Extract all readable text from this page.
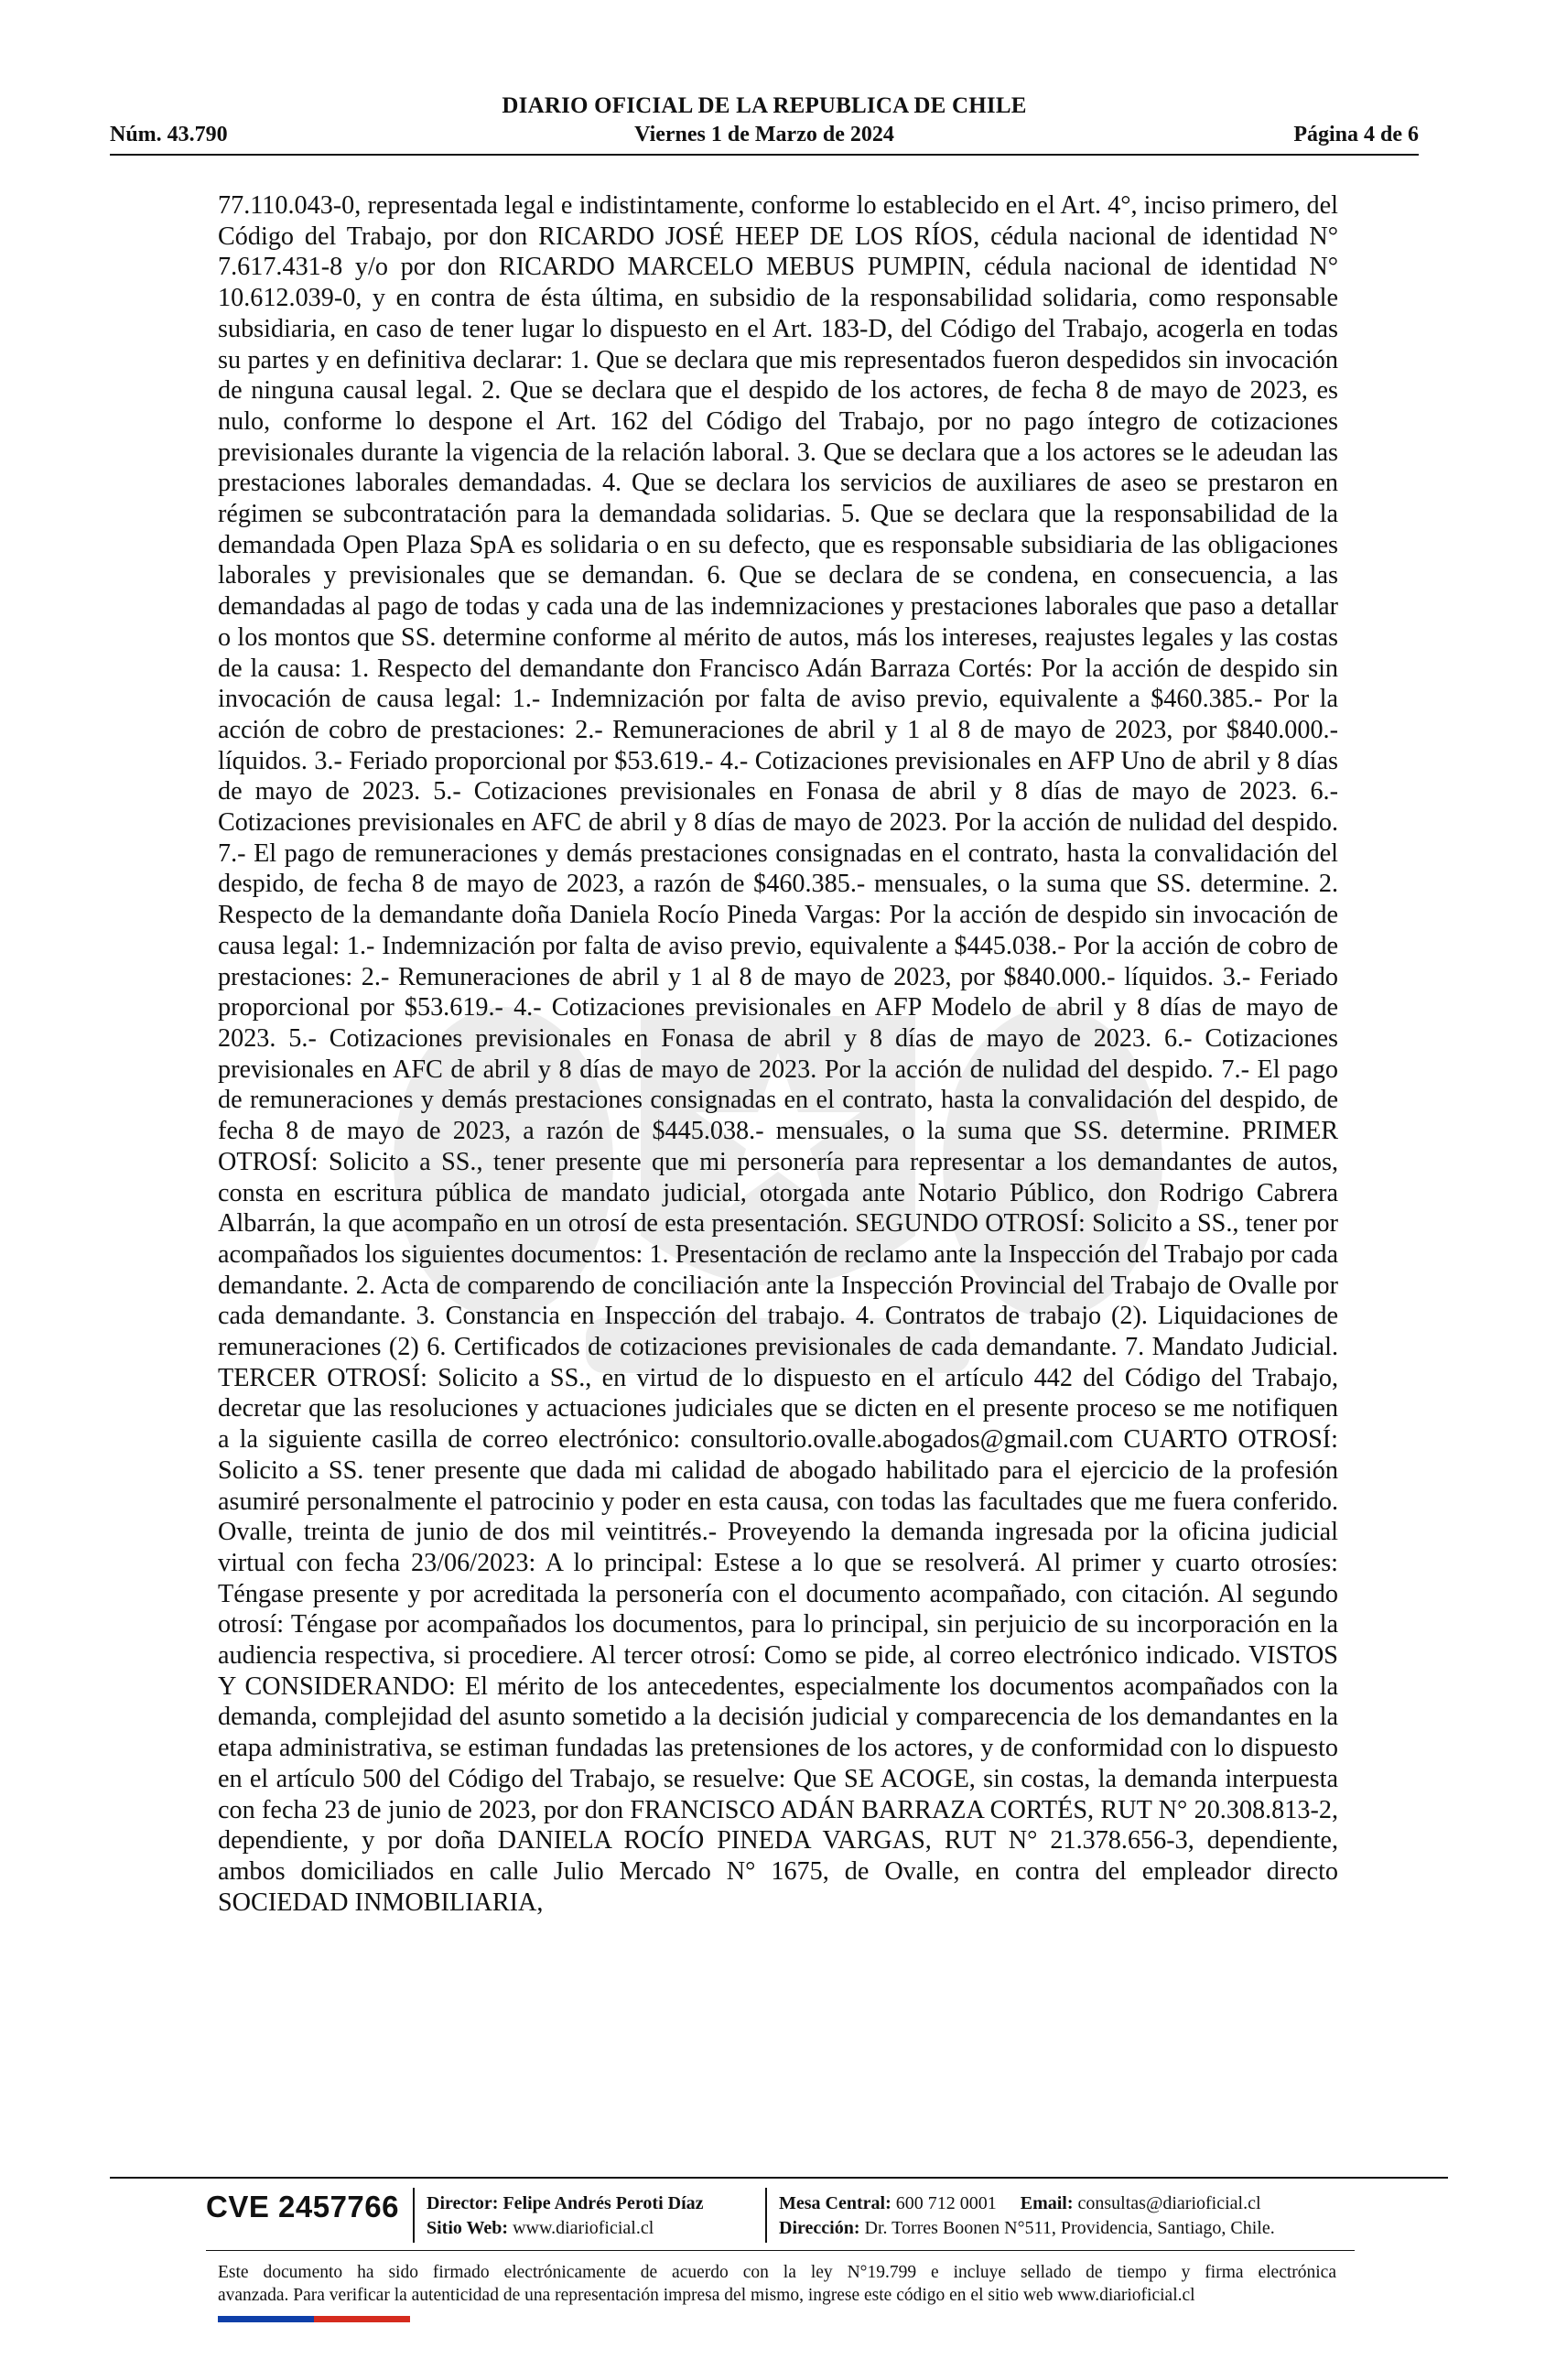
DIARIO OFICIAL DE LA REPUBLICA DE CHILE
Núm. 43.790	Viernes 1 de Marzo de 2024	Página 4 de 6

77.110.043-0, representada legal e indistintamente, conforme lo establecido en el Art. 4°, inciso primero, del Código del Trabajo, por don RICARDO JOSÉ HEEP DE LOS RÍOS, cédula nacional de identidad N° 7.617.431-8 y/o por don RICARDO MARCELO MEBUS PUMPIN, cédula nacional de identidad N° 10.612.039-0, y en contra de ésta última, en subsidio de la responsabilidad solidaria, como responsable subsidiaria, en caso de tener lugar lo dispuesto en el Art. 183-D, del Código del Trabajo, acogerla en todas su partes y en definitiva declarar: 1. Que se declara que mis representados fueron despedidos sin invocación de ninguna causal legal. 2. Que se declara que el despido de los actores, de fecha 8 de mayo de 2023, es nulo, conforme lo despone el Art. 162 del Código del Trabajo, por no pago íntegro de cotizaciones previsionales durante la vigencia de la relación laboral. 3. Que se declara que a los actores se le adeudan las prestaciones laborales demandadas. 4. Que se declara los servicios de auxiliares de aseo se prestaron en régimen se subcontratación para la demandada solidarias. 5. Que se declara que la responsabilidad de la demandada Open Plaza SpA es solidaria o en su defecto, que es responsable subsidiaria de las obligaciones laborales y previsionales que se demandan. 6. Que se declara de se condena, en consecuencia, a las demandadas al pago de todas y cada una de las indemnizaciones y prestaciones laborales que paso a detallar o los montos que SS. determine conforme al mérito de autos, más los intereses, reajustes legales y las costas de la causa: 1. Respecto del demandante don Francisco Adán Barraza Cortés: Por la acción de despido sin invocación de causa legal: 1.- Indemnización por falta de aviso previo, equivalente a $460.385.- Por la acción de cobro de prestaciones: 2.- Remuneraciones de abril y 1 al 8 de mayo de 2023, por $840.000.- líquidos. 3.- Feriado proporcional por $53.619.- 4.- Cotizaciones previsionales en AFP Uno de abril y 8 días de mayo de 2023. 5.- Cotizaciones previsionales en Fonasa de abril y 8 días de mayo de 2023. 6.- Cotizaciones previsionales en AFC de abril y 8 días de mayo de 2023. Por la acción de nulidad del despido. 7.- El pago de remuneraciones y demás prestaciones consignadas en el contrato, hasta la convalidación del despido, de fecha 8 de mayo de 2023, a razón de $460.385.- mensuales, o la suma que SS. determine. 2. Respecto de la demandante doña Daniela Rocío Pineda Vargas: Por la acción de despido sin invocación de causa legal: 1.- Indemnización por falta de aviso previo, equivalente a $445.038.- Por la acción de cobro de prestaciones: 2.- Remuneraciones de abril y 1 al 8 de mayo de 2023, por $840.000.- líquidos. 3.- Feriado proporcional por $53.619.- 4.- Cotizaciones previsionales en AFP Modelo de abril y 8 días de mayo de 2023. 5.- Cotizaciones previsionales en Fonasa de abril y 8 días de mayo de 2023. 6.- Cotizaciones previsionales en AFC de abril y 8 días de mayo de 2023. Por la acción de nulidad del despido. 7.- El pago de remuneraciones y demás prestaciones consignadas en el contrato, hasta la convalidación del despido, de fecha 8 de mayo de 2023, a razón de $445.038.- mensuales, o la suma que SS. determine. PRIMER OTROSÍ: Solicito a SS., tener presente que mi personería para representar a los demandantes de autos, consta en escritura pública de mandato judicial, otorgada ante Notario Público, don Rodrigo Cabrera Albarrán, la que acompaño en un otrosí de esta presentación. SEGUNDO OTROSÍ: Solicito a SS., tener por acompañados los siguientes documentos: 1. Presentación de reclamo ante la Inspección del Trabajo por cada demandante. 2. Acta de comparendo de conciliación ante la Inspección Provincial del Trabajo de Ovalle por cada demandante. 3. Constancia en Inspección del trabajo. 4. Contratos de trabajo (2). Liquidaciones de remuneraciones (2) 6. Certificados de cotizaciones previsionales de cada demandante. 7. Mandato Judicial. TERCER OTROSÍ: Solicito a SS., en virtud de lo dispuesto en el artículo 442 del Código del Trabajo, decretar que las resoluciones y actuaciones judiciales que se dicten en el presente proceso se me notifiquen a la siguiente casilla de correo electrónico: consultorio.ovalle.abogados@gmail.com CUARTO OTROSÍ: Solicito a SS. tener presente que dada mi calidad de abogado habilitado para el ejercicio de la profesión asumiré personalmente el patrocinio y poder en esta causa, con todas las facultades que me fuera conferido. Ovalle, treinta de junio de dos mil veintitrés.- Proveyendo la demanda ingresada por la oficina judicial virtual con fecha 23/06/2023: A lo principal: Estese a lo que se resolverá. Al primer y cuarto otrosíes: Téngase presente y por acreditada la personería con el documento acompañado, con citación. Al segundo otrosí: Téngase por acompañados los documentos, para lo principal, sin perjuicio de su incorporación en la audiencia respectiva, si procediere. Al tercer otrosí: Como se pide, al correo electrónico indicado. VISTOS Y CONSIDERANDO: El mérito de los antecedentes, especialmente los documentos acompañados con la demanda, complejidad del asunto sometido a la decisión judicial y comparecencia de los demandantes en la etapa administrativa, se estiman fundadas las pretensiones de los actores, y de conformidad con lo dispuesto en el artículo 500 del Código del Trabajo, se resuelve: Que SE ACOGE, sin costas, la demanda interpuesta con fecha 23 de junio de 2023, por don FRANCISCO ADÁN BARRAZA CORTÉS, RUT N° 20.308.813-2, dependiente, y por doña DANIELA ROCÍO PINEDA VARGAS, RUT N° 21.378.656-3, dependiente, ambos domiciliados en calle Julio Mercado N° 1675, de Ovalle, en contra del empleador directo SOCIEDAD INMOBILIARIA,

CVE 2457766 Director: Felipe Andrés Peroti Díaz
Sitio Web: www.diarioficial.cl
Mesa Central: 600 712 0001 Email: consultas@diarioficial.cl
Dirección: Dr. Torres Boonen N°511, Providencia, Santiago, Chile.

Este documento ha sido firmado electrónicamente de acuerdo con la ley N°19.799 e incluye sellado de tiempo y firma electrónica

avanzada. Para verificar la autenticidad de una representación impresa del mismo, ingrese este código en el sitio web www.diarioficial.cl
